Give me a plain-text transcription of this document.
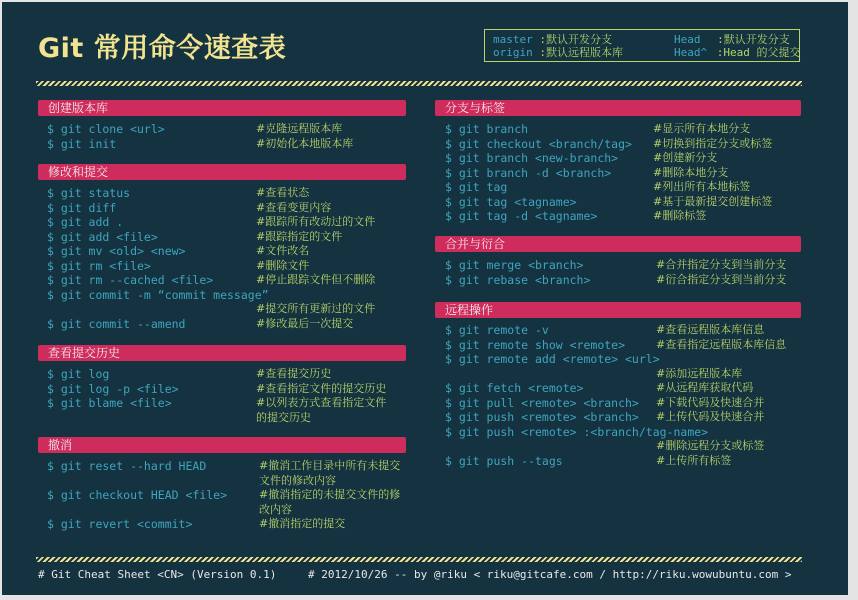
Git 常用命令速查表	master :默认开发分支	Head :默认开发分支
origin :默认远程版本库	Head^ :Head 的父提交
创建版本库
$ git clone <url>	#克隆远程版本库
$ git init	#初始化本地版本库
修改和提交
$ git status	#查看状态
$ git diff	#查看变更内容
$ git add .	#跟踪所有改动过的文件
$ git add <file>	#跟踪指定的文件
$ git mv <old> <new>	#文件改名
$ git rm <file>	#删除文件
$ git rm --cached <file>	#停止跟踪文件但不删除
$ git commit -m “commit message”
#提交所有更新过的文件
$ git commit --amend	#修改最后一次提交
查看提交历史
$ git log	#查看提交历史
$ git log -p <file>	#查看指定文件的提交历史
$ git blame <file>	#以列表方式查看指定文件
的提交历史
撤消
$ git reset --hard HEAD	#撤消工作目录中所有未提交
文件的修改内容
$ git checkout HEAD <file>	#撤消指定的未提交文件的修
改内容
$ git revert <commit>	#撤消指定的提交
分支与标签
$ git branch	#显示所有本地分支
$ git checkout <branch/tag> #切换到指定分支或标签
$ git branch <new-branch>	#创建新分支
$ git branch -d <branch>	#删除本地分支
$ git tag	#列出所有本地标签
$ git tag <tagname>	#基于最新提交创建标签
$ git tag -d <tagname>	#删除标签
合并与衍合
$ git merge <branch>	#合并指定分支到当前分支
$ git rebase <branch>	#衍合指定分支到当前分支
远程操作
$ git remote -v	#查看远程版本库信息
$ git remote show <remote>	#查看指定远程版本库信息
$ git remote add <remote> <url>
#添加远程版本库
$ git fetch <remote>	#从远程库获取代码
$ git pull <remote> <branch> #下载代码及快速合并
$ git push <remote> <branch> #上传代码及快速合并
$ git push <remote> :<branch/tag-name>
#删除远程分支或标签
$ git push --tags	#上传所有标签
# Git Cheat Sheet <CN> (Version 0.1)	# 2012/10/26 -- by @riku < riku@gitcafe.com / http://riku.wowubuntu.com >
